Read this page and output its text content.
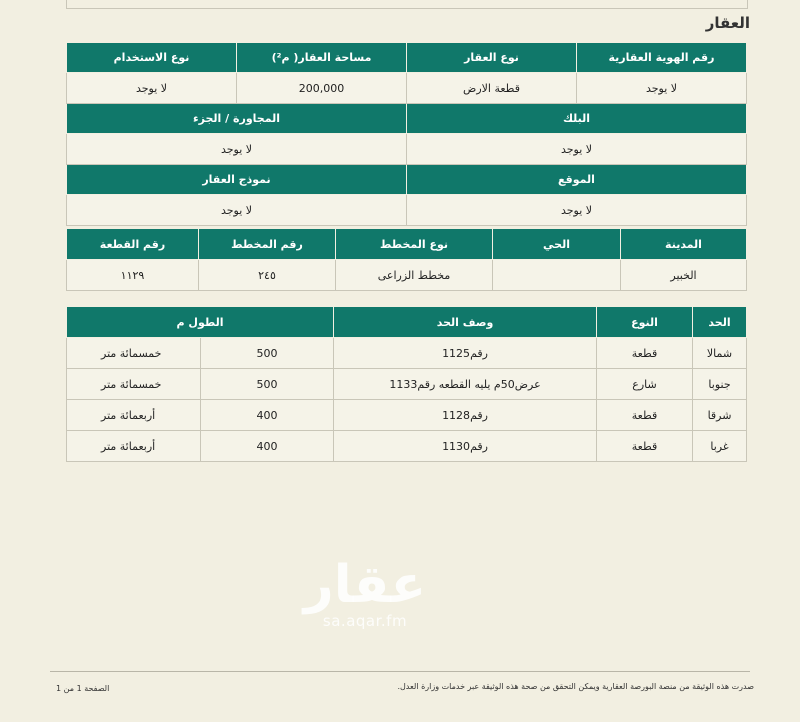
العقار
رقم الهوية العقارية	نوع العقار	مساحة العقار( م²)	نوع الاستخدام
لا يوجد	قطعة الارض	200,000	لا يوجد
البلك		المجاورة / الجزء	
لا يوجد		لا يوجد	
الموقع		نموذج العقار	
لا يوجد		لا يوجد	
المدينة	الحي	نوع المخطط	رقم المخطط	رقم القطعة
الخبير		مخطط الزراعى	٢٤٥	١١٢٩
الحد	النوع	وصف الحد	الطول م	
شمالا	قطعة	رقم1125	500	خمسمائة متر
جنوبا	شارع	عرض50م يليه القطعه رقم1133	500	خمسمائة متر
شرقا	قطعة	رقم1128	400	أربعمائة متر
غربا	قطعة	رقم1130	400	أربعمائة متر
عقار
sa.aqar.fm
الصفحة 1 من 1	صدرت هذه الوثيقة من منصة البورصة العقارية ويمكن التحقق من صحة هذه الوثيقة عبر خدمات وزارة العدل.
